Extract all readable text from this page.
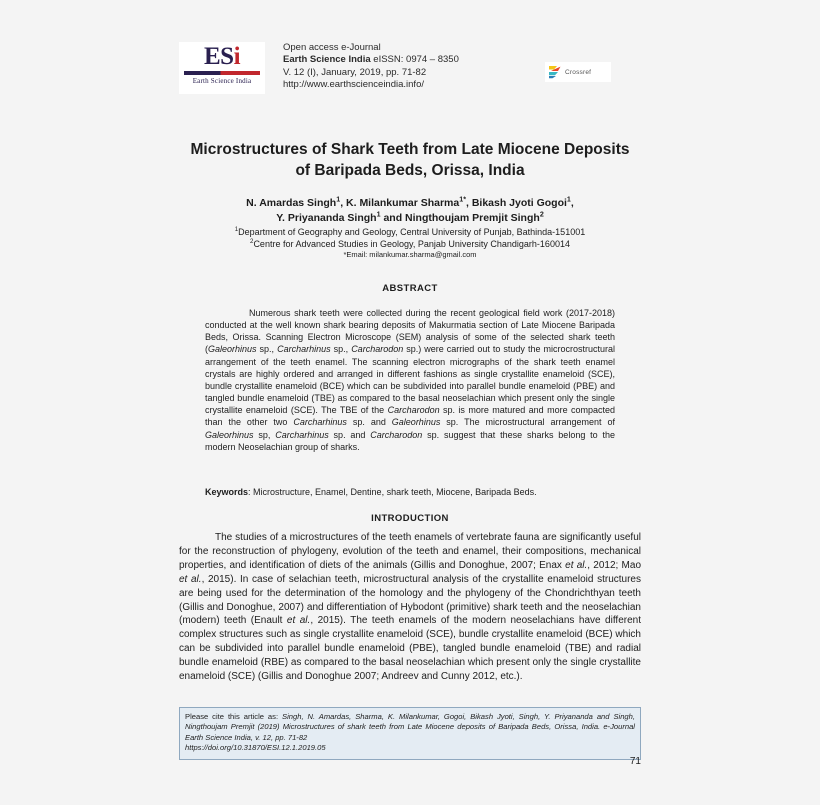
ESi
Earth Science India
Open access e-Journal
Earth Science India eISSN: 0974 – 8350
V. 12 (I), January, 2019, pp. 71-82
http://www.earthscienceindia.info/
Crossref
Microstructures of Shark Teeth from Late Miocene Deposits of Baripada Beds, Orissa, India
N. Amardas Singh$^1$, K. Milankumar Sharma$^{1*}$, Bikash Jyoti Gogoi$^1$,
Y. Priyananda Singh$^1$ and Ningthoujam Premjit Singh$^2$
$^1$Department of Geography and Geology, Central University of Punjab, Bathinda-151001
$^2$Centre for Advanced Studies in Geology, Panjab University Chandigarh-160014
*Email: milankumar.sharma@gmail.com
ABSTRACT

Numerous shark teeth were collected during the recent geological field work (2017-2018) conducted at the well known shark bearing deposits of Makurmatia section of Late Miocene Baripada Beds, Orissa. Scanning Electron Microscope (SEM) analysis of some of the selected shark teeth (Galeorhinus sp., Carcharhinus sp., Carcharodon sp.) were carried out to study the microcrostructural arrangement of the teeth enamel. The scanning electron micrographs of the shark teeth enamel crystals are highly ordered and arranged in different fashions as single crystallite enameloid (SCE), bundle crystallite enameloid (BCE) which can be subdivided into parallel bundle enameloid (PBE) and tangled bundle enameloid (TBE) as compared to the basal neoselachian which present only the single crystallite enameloid (SCE). The TBE of the Carcharodon sp. is more matured and more compacted than the other two Carcharhinus sp. and Galeorhinus sp. The microstructural arrangement of Galeorhinus sp, Carcharhinus sp. and Carcharodon sp. suggest that these sharks belong to the modern Neoselachian group of sharks.

Keywords: Microstructure, Enamel, Dentine, shark teeth, Miocene, Baripada Beds.
INTRODUCTION

The studies of a microstructures of the teeth enamels of vertebrate fauna are significantly useful for the reconstruction of phylogeny, evolution of the teeth and enamel, their compositions, mechanical properties, and identification of diets of the animals (Gillis and Donoghue, 2007; Enax et al., 2012; Mao et al., 2015). In case of selachian teeth, microstructural analysis of the crystallite enameloid structures are being used for the determination of the homology and the phylogeny of the Chondrichthyan teeth (Gillis and Donoghue, 2007) and differentiation of Hybodont (primitive) shark teeth and the neoselachian (modern) teeth (Enault et al., 2015). The teeth enamels of the modern neoselachians have different complex structures such as single crystallite enameloid (SCE), bundle crystallite enameloid (BCE) which can be subdivided into parallel bundle enameloid (PBE), tangled bundle enameloid (TBE) and radial bundle enameloid (RBE) as compared to the basal neoselachian which present only the single crystallite enameloid (SCE) (Gillis and Donoghue 2007; Andreev and Cunny 2012, etc.).

Please cite this article as: Singh, N. Amardas, Sharma, K. Milankumar, Gogoi, Bikash Jyoti, Singh, Y. Priyananda and Singh, Ningthoujam Premjit (2019) Microstructures of shark teeth from Late Miocene deposits of Baripada Beds, Orissa, India. e-Journal Earth Science India, v. 12, pp. 71-82
https://doi.org/10.31870/ESI.12.1.2019.05
71
